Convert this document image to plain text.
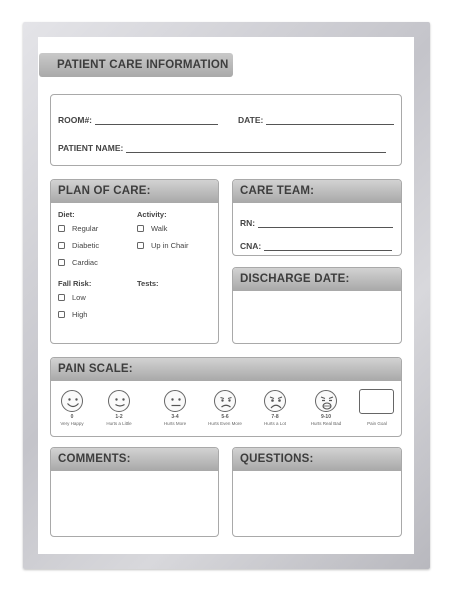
PATIENT CARE INFORMATION
ROOM#:	DATE:
PATIENT NAME:
PLAN OF CARE:
Diet:
Regular
Diabetic
Cardiac
Activity:
Walk
Up in Chair
Fall Risk:
Low
High
Tests:
CARE TEAM:
RN:
CNA:
DISCHARGE DATE:
PAIN SCALE:
0	1-2	3-4	5-6	7-8	9-10
Very Happy	Hurts a Little	Hurts More	Hurts Even More	Hurts a Lot	Hurts Real Bad	Pain Goal
COMMENTS:	QUESTIONS:
